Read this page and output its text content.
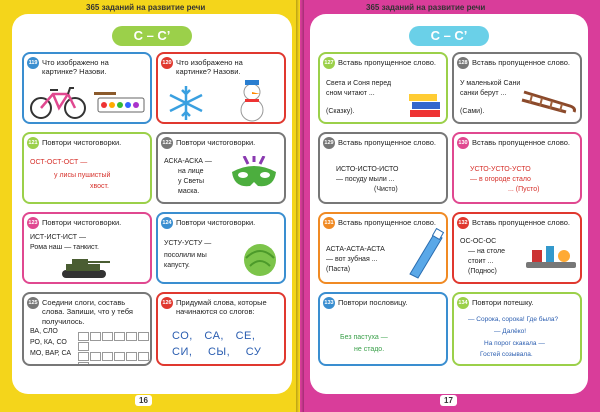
365 заданий на развитие речи
С – С’
119 Что изображено на картинке? Назови.
120 Что изображено на картинке? Назови.
121 Повтори чистоговорки.
ОСТ-ОСТ-ОСТ —
у лисы пушистый
хвост.
122 Повтори чистоговорки.
АСКА-АСКА —
на лице
у Светы
маска.
123 Повтори чистоговорки.
ИСТ-ИСТ-ИСТ —
Рома наш — танкист.
124 Повтори чистоговорки.
УСТУ-УСТУ —
посолили мы
капусту.
125 Соедини слоги, составь слова. Запиши, что у тебя получилось.
ВА, СЛО
РО, КА, СО
МО, ВАР, СА
126 Придумай слова, которые начинаются со слогов:
СО, СА, СЕ,
СИ, СЫ, СУ
16
365 заданий на развитие речи
С – С’
127 Вставь пропущенное слово.
Света и Соня перед
сном читают ...
(Сказку).
128 Вставь пропущенное слово.
У маленькой Сани
санки берут ...
(Сами).
129 Вставь пропущенное слово.
ИСТО-ИСТО-ИСТО
— посуду мыли ...
(Чисто)
130 Вставь пропущенное слово.
УСТО-УСТО-УСТО
— в огороде стало
... (Пусто)
131 Вставь пропущенное слово.
АСТА-АСТА-АСТА
— вот зубная ...
(Паста)
132 Вставь пропущенное слово.
ОС-ОС-ОС
— на столе
стоит ...
(Поднос)
133 Повтори пословицу.
Без пастуха —
не стадо.
134 Повтори потешку.
— Сорока, сорока! Где была?
— Далёко!
На порог скакала —
Гостей созывала.
17
